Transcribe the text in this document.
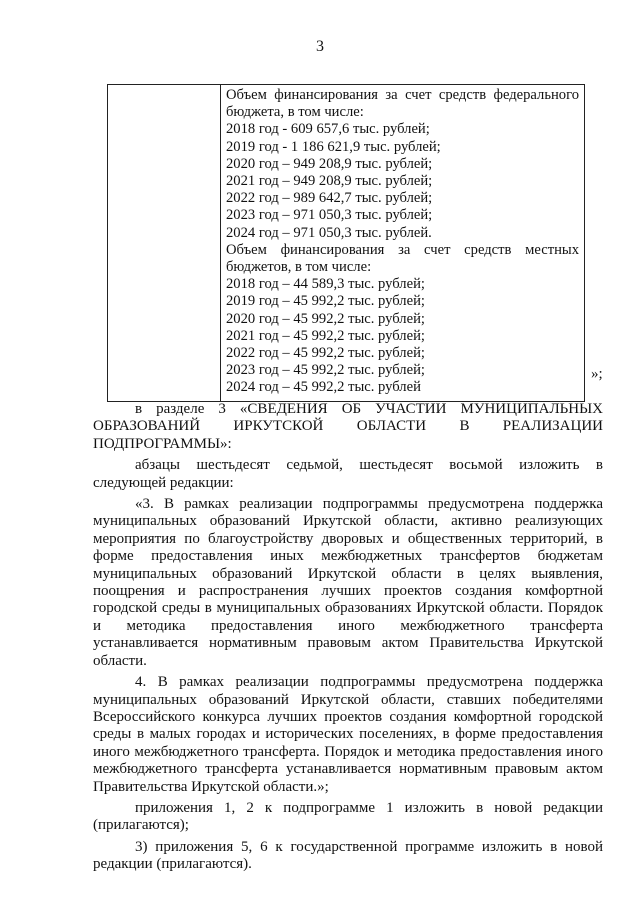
3
Объем финансирования за счет средств федерального
бюджета, в том числе:
2018 год - 609 657,6 тыс. рублей;
2019 год - 1 186 621,9 тыс. рублей;
2020 год – 949 208,9 тыс. рублей;
2021 год – 949 208,9 тыс. рублей;
2022 год – 989 642,7 тыс. рублей;
2023 год – 971 050,3 тыс. рублей;
2024 год – 971 050,3 тыс. рублей.
Объем финансирования за счет средств местных
бюджетов, в том числе:
2018 год – 44 589,3 тыс. рублей;
2019 год – 45 992,2 тыс. рублей;
2020 год – 45 992,2 тыс. рублей;
2021 год – 45 992,2 тыс. рублей;
2022 год – 45 992,2 тыс. рублей;
2023 год – 45 992,2 тыс. рублей;
2024 год – 45 992,2 тыс. рублей
»;

в разделе 3 «СВЕДЕНИЯ ОБ УЧАСТИИ МУНИЦИПАЛЬНЫХ

ОБРАЗОВАНИЙ ИРКУТСКОЙ ОБЛАСТИ В РЕАЛИЗАЦИИ

ПОДПРОГРАММЫ»:

абзацы шестьдесят седьмой, шестьдесят восьмой изложить в следующей редакции:

«3. В рамках реализации подпрограммы предусмотрена поддержка муниципальных образований Иркутской области, активно реализующих мероприятия по благоустройству дворовых и общественных территорий, в форме предоставления иных межбюджетных трансфертов бюджетам муниципальных образований Иркутской области в целях выявления, поощрения и распространения лучших проектов создания комфортной городской среды в муниципальных образованиях Иркутской области. Порядок и методика предоставления иного межбюджетного трансферта устанавливается нормативным правовым актом Правительства Иркутской области.

4. В рамках реализации подпрограммы предусмотрена поддержка муниципальных образований Иркутской области, ставших победителями Всероссийского конкурса лучших проектов создания комфортной городской среды в малых городах и исторических поселениях, в форме предоставления иного межбюджетного трансферта. Порядок и методика предоставления иного межбюджетного трансферта устанавливается нормативным правовым актом Правительства Иркутской области.»;

приложения 1, 2 к подпрограмме 1 изложить в новой редакции (прилагаются);

3) приложения 5, 6 к государственной программе изложить в новой редакции (прилагаются).
